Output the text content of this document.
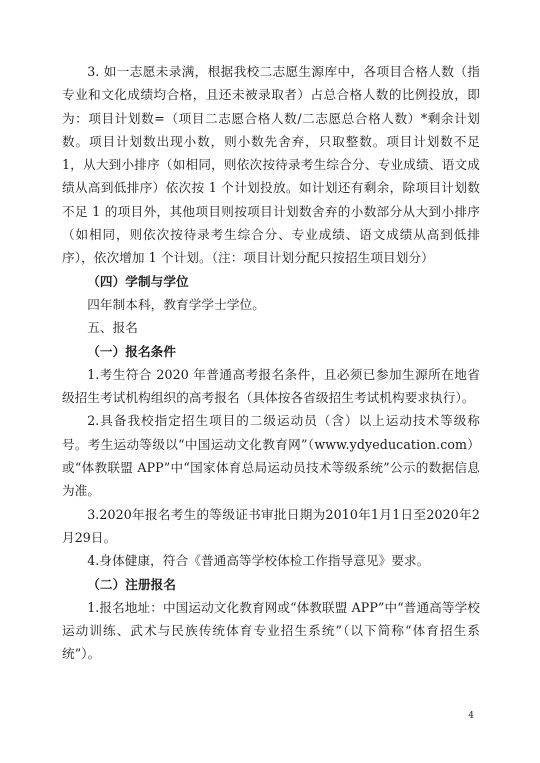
3. 如一志愿未录满，根据我校二志愿生源库中，各项目合格人数（指专业和文化成绩均合格，且还未被录取者）占总合格人数的比例投放，即为：项目计划数=（项目二志愿合格人数/二志愿总合格人数）*剩余计划数。项目计划数出现小数，则小数先舍弃，只取整数。项目计划数不足 1，从大到小排序（如相同，则依次按待录考生综合分、专业成绩、语文成绩从高到低排序）依次按 1 个计划投放。如计划还有剩余，除项目计划数不足 1 的项目外，其他项目则按项目计划数舍弃的小数部分从大到小排序（如相同，则依次按待录考生综合分、专业成绩、语文成绩从高到低排序），依次增加 1 个计划。（注：项目计划分配只按招生项目划分）

（四）学制与学位

四年制本科，教育学学士学位。

五、报名

（一）报名条件

1.考生符合 2020 年普通高考报名条件，且必须已参加生源所在地省级招生考试机构组织的高考报名（具体按各省级招生考试机构要求执行）。

2.具备我校指定招生项目的二级运动员（含）以上运动技术等级称号。考生运动等级以“中国运动文化教育网”（www.ydyeducation.com）或“体教联盟 APP”中“国家体育总局运动员技术等级系统”公示的数据信息为准。

3.2020年报名考生的等级证书审批日期为2010年1月1日至2020年2月29日。

4.身体健康，符合《普通高等学校体检工作指导意见》要求。

（二）注册报名

1.报名地址：中国运动文化教育网或“体教联盟 APP”中“普通高等学校运动训练、武术与民族传统体育专业招生系统”（以下简称“体育招生系统”）。

4
